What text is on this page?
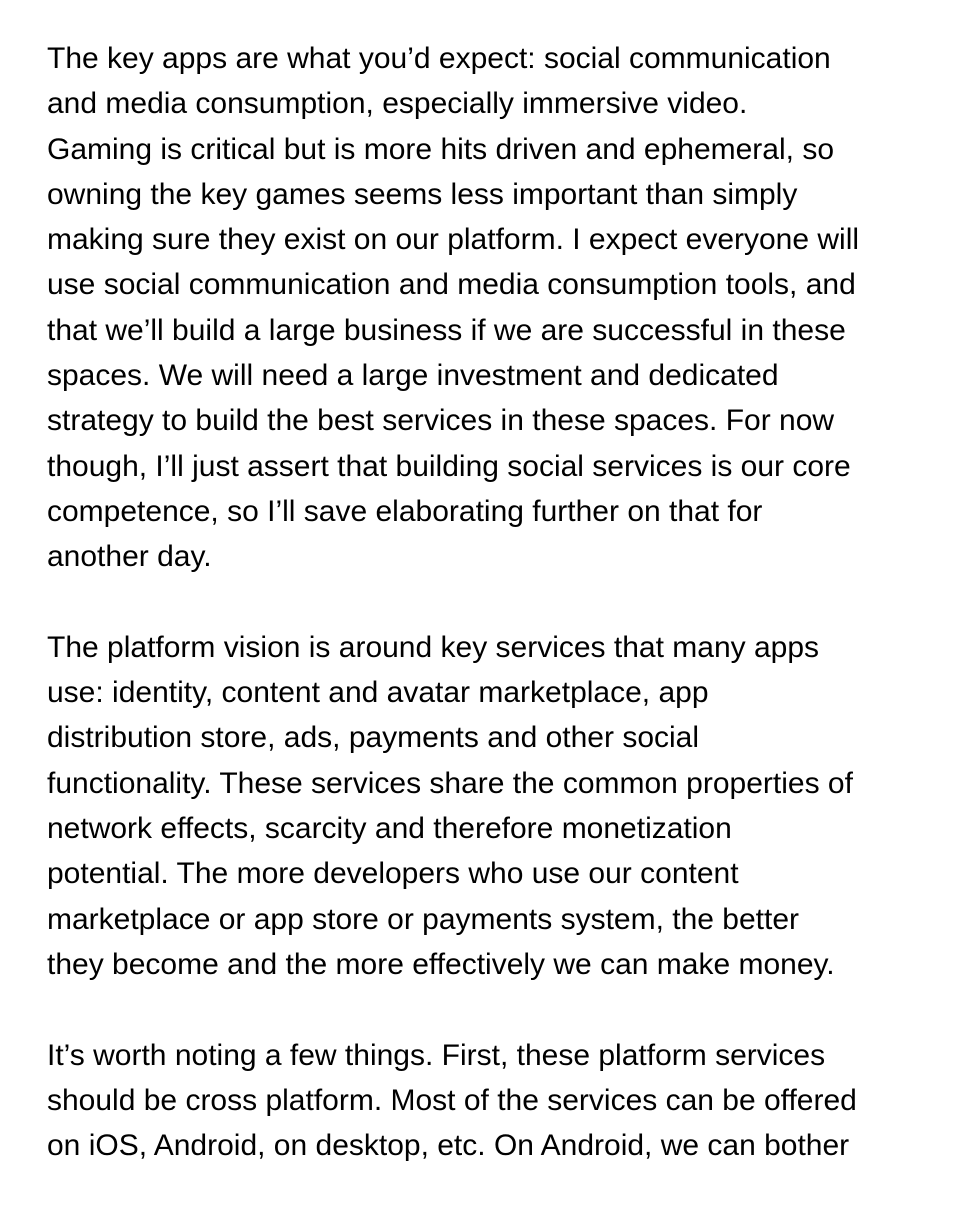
The key apps are what you’d expect: social communication
and media consumption, especially immersive video.
Gaming is critical but is more hits driven and ephemeral, so
owning the key games seems less important than simply
making sure they exist on our platform. I expect everyone will
use social communication and media consumption tools, and
that we’ll build a large business if we are successful in these
spaces. We will need a large investment and dedicated
strategy to build the best services in these spaces. For now
though, I’ll just assert that building social services is our core
competence, so I’ll save elaborating further on that for
another day.
The platform vision is around key services that many apps
use: identity, content and avatar marketplace, app
distribution store, ads, payments and other social
functionality. These services share the common properties of
network effects, scarcity and therefore monetization
potential. The more developers who use our content
marketplace or app store or payments system, the better
they become and the more effectively we can make money.
It’s worth noting a few things. First, these platform services
should be cross platform. Most of the services can be offered
on iOS, Android, on desktop, etc. On Android, we can bother
